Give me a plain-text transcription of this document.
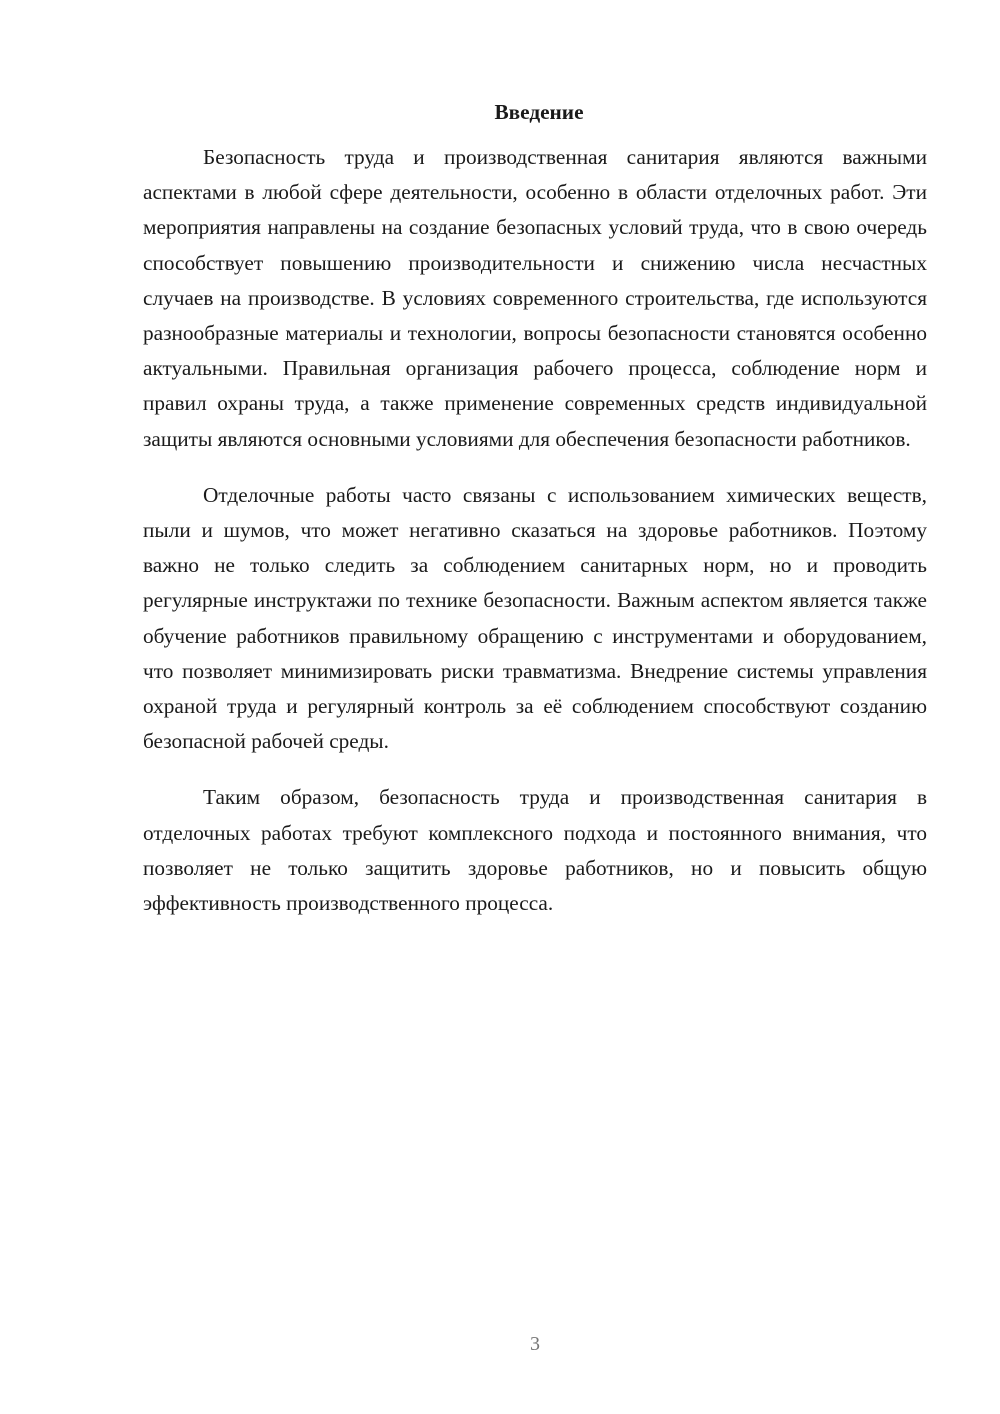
Введение

Безопасность труда и производственная санитария являются важными аспектами в любой сфере деятельности, особенно в области отделочных работ. Эти мероприятия направлены на создание безопасных условий труда, что в свою очередь способствует повышению производительности и снижению числа несчастных случаев на производстве. В условиях современного строительства, где используются разнообразные материалы и технологии, вопросы безопасности становятся особенно актуальными. Правильная организация рабочего процесса, соблюдение норм и правил охраны труда, а также применение современных средств индивидуальной защиты являются основными условиями для обеспечения безопасности работников.

Отделочные работы часто связаны с использованием химических веществ, пыли и шумов, что может негативно сказаться на здоровье работников. Поэтому важно не только следить за соблюдением санитарных норм, но и проводить регулярные инструктажи по технике безопасности. Важным аспектом является также обучение работников правильному обращению с инструментами и оборудованием, что позволяет минимизировать риски травматизма. Внедрение системы управления охраной труда и регулярный контроль за её соблюдением способствуют созданию безопасной рабочей среды.

Таким образом, безопасность труда и производственная санитария в отделочных работах требуют комплексного подхода и постоянного внимания, что позволяет не только защитить здоровье работников, но и повысить общую эффективность производственного процесса.

3
